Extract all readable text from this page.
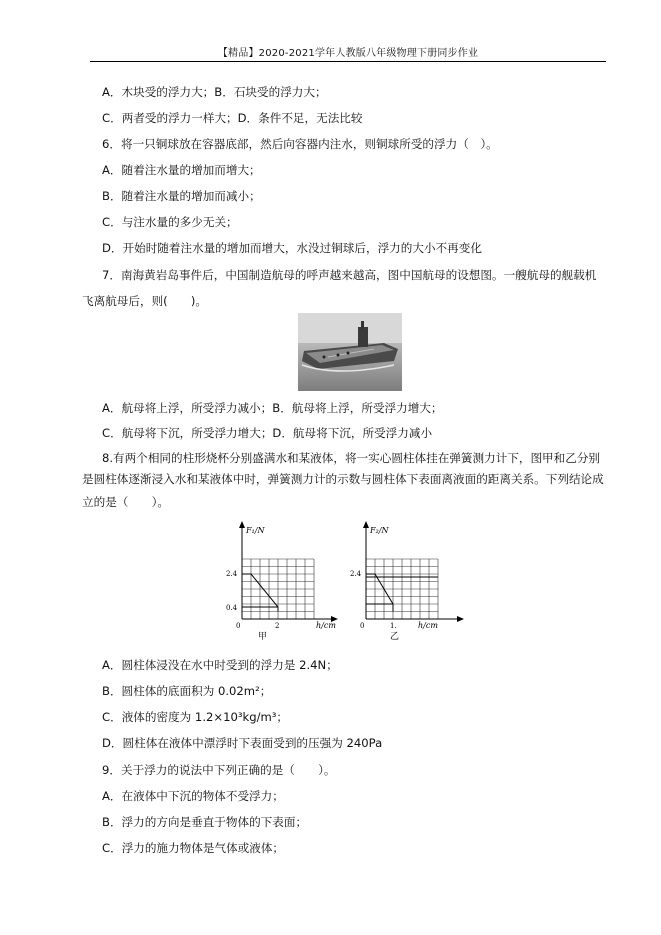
【精品】2020-2021学年人教版八年级物理下册同步作业
A．木块受的浮力大；B．石块受的浮力大；
C．两者受的浮力一样大；D．条件不足，无法比较
6．将一只铜球放在容器底部，然后向容器内注水，则铜球所受的浮力（　）。
A．随着注水量的增加而增大；
B．随着注水量的增加而减小；
C．与注水量的多少无关；
D．开始时随着注水量的增加而增大，水没过铜球后，浮力的大小不再变化
7．南海黄岩岛事件后，中国制造航母的呼声越来越高，图中国航母的设想图。一艘航母的舰载机
飞离航母后，则(　　)。
A．航母将上浮，所受浮力减小；B．航母将上浮，所受浮力增大；
C．航母将下沉，所受浮力增大；D．航母将下沉，所受浮力减小
8.有两个相同的柱形烧杯分别盛满水和某液体，将一实心圆柱体挂在弹簧测力计下，图甲和乙分别
是圆柱体逐渐浸入水和某液体中时，弹簧测力计的示数与圆柱体下表面离液面的距离关系。下列结论成
立的是（　　）。
F₁/N
2.4
0.4
0	2	h/cm
甲
F₂/N
2.4
0	1.	h/cm
乙
A．圆柱体浸没在水中时受到的浮力是 2.4N；
B．圆柱体的底面积为 0.02m²；
C．液体的密度为 1.2×10³kg/m³；
D．圆柱体在液体中漂浮时下表面受到的压强为 240Pa
9．关于浮力的说法中下列正确的是（　　）。
A．在液体中下沉的物体不受浮力；
B．浮力的方向是垂直于物体的下表面；
C．浮力的施力物体是气体或液体；
